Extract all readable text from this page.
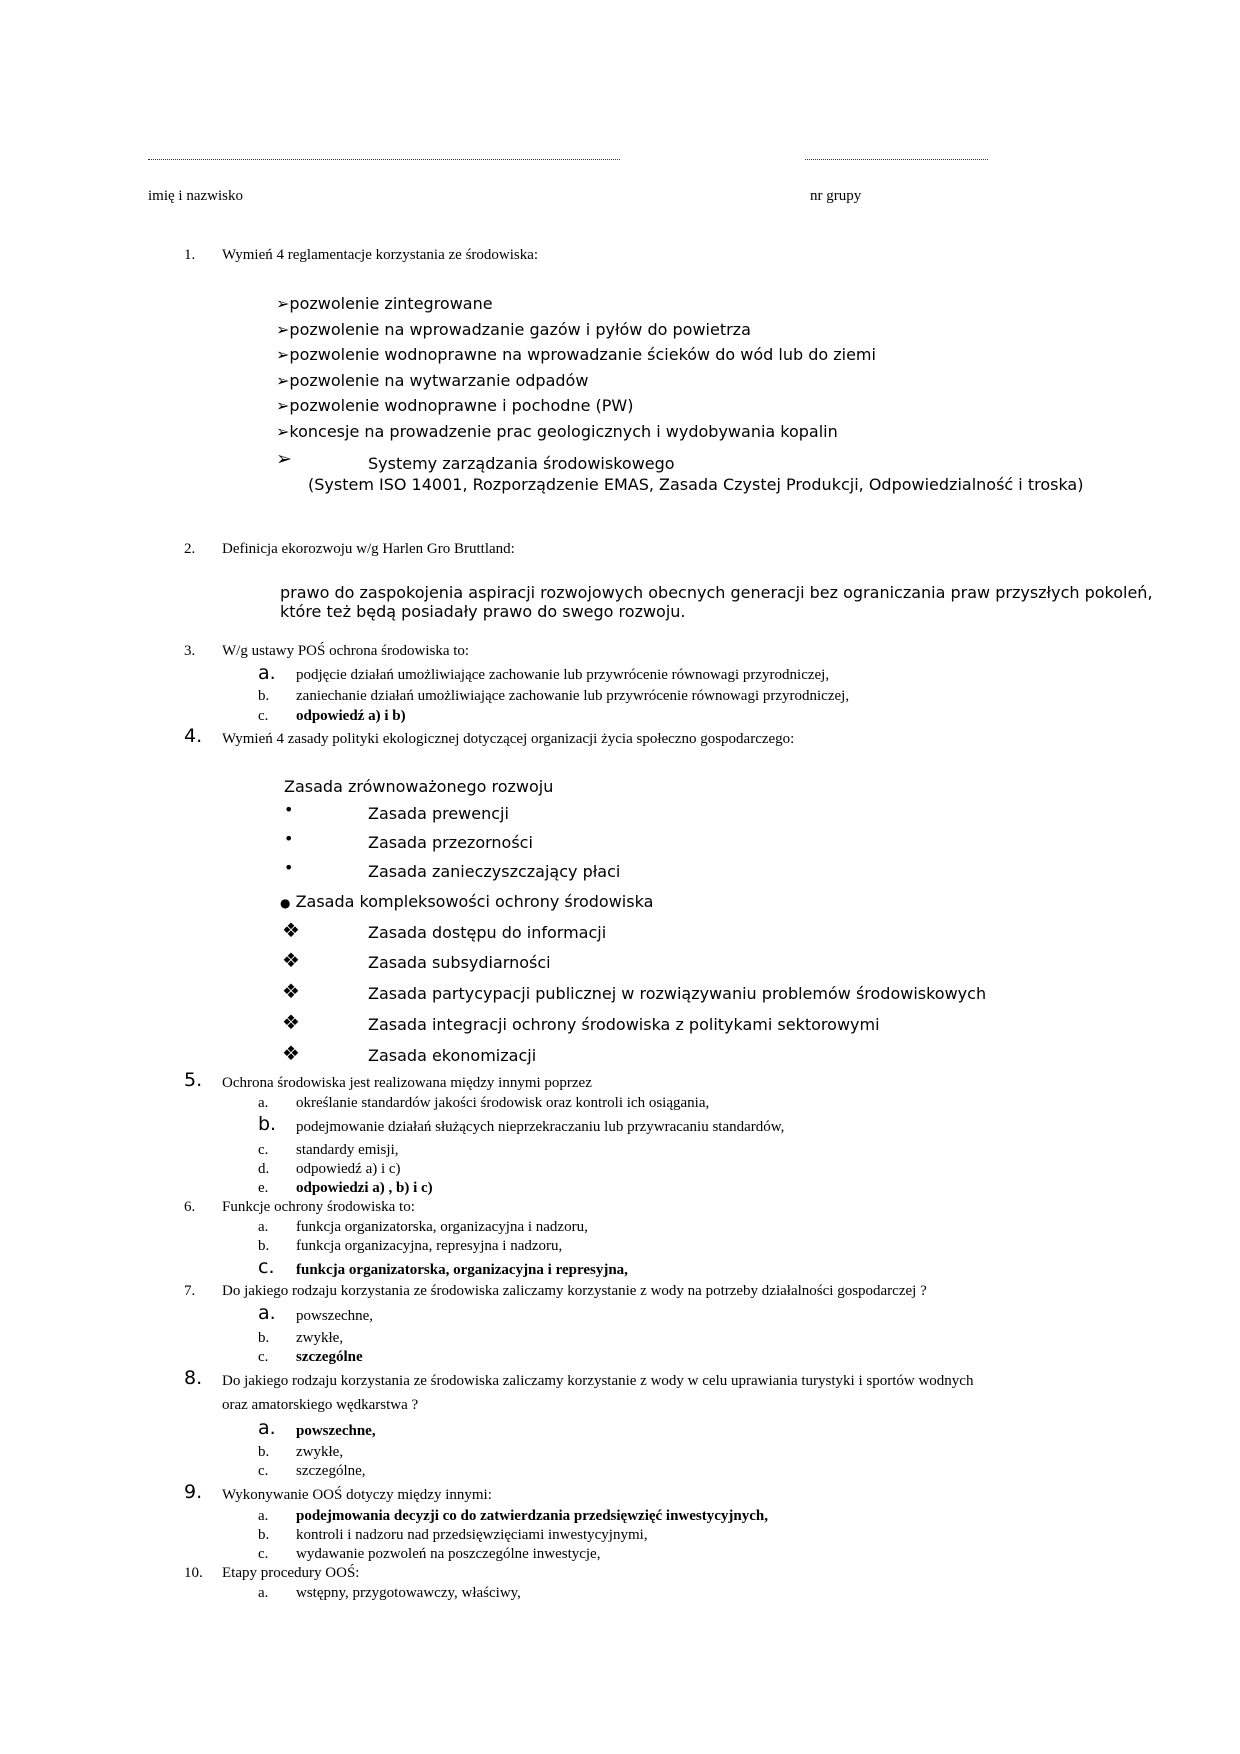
imię i nazwisko	nr grupy
1. Wymień 4 reglamentacje korzystania ze środowiska:
➢pozwolenie zintegrowane
➢pozwolenie na wprowadzanie gazów i pyłów do powietrza
➢pozwolenie wodnoprawne na wprowadzanie ścieków do wód lub do ziemi
➢pozwolenie na wytwarzanie odpadów
➢pozwolenie wodnoprawne i pochodne (PW)
➢koncesje na prowadzenie prac geologicznych i wydobywania kopalin
➢	Systemy zarządzania środowiskowego
(System ISO 14001, Rozporządzenie EMAS, Zasada Czystej Produkcji, Odpowiedzialność i troska)
2. Definicja ekorozwoju w/g Harlen Gro Bruttland:
prawo do zaspokojenia aspiracji rozwojowych obecnych generacji bez ograniczania praw przyszłych pokoleń,
które też będą posiadały prawo do swego rozwoju.
3. W/g ustawy POŚ ochrona środowiska to:
a. podjęcie działań umożliwiające zachowanie lub przywrócenie równowagi przyrodniczej,
b. zaniechanie działań umożliwiające zachowanie lub przywrócenie równowagi przyrodniczej,
c. odpowiedź a) i b)
4. Wymień 4 zasady polityki ekologicznej dotyczącej organizacji życia społeczno gospodarczego:
Zasada zrównoważonego rozwoju
•	Zasada prewencji
•	Zasada przezorności
•	Zasada zanieczyszczający płaci
● Zasada kompleksowości ochrony środowiska
❖	Zasada dostępu do informacji
❖	Zasada subsydiarności
❖	Zasada partycypacji publicznej w rozwiązywaniu problemów środowiskowych
❖	Zasada integracji ochrony środowiska z politykami sektorowymi
❖	Zasada ekonomizacji
5. Ochrona środowiska jest realizowana między innymi poprzez
a. określanie standardów jakości środowisk oraz kontroli ich osiągania,
b. podejmowanie działań służących nieprzekraczaniu lub przywracaniu standardów,
c. standardy emisji,
d. odpowiedź a) i c)
e. odpowiedzi a) , b) i c)
6. Funkcje ochrony środowiska to:
a. funkcja organizatorska, organizacyjna i nadzoru,
b. funkcja organizacyjna, represyjna i nadzoru,
c. funkcja organizatorska, organizacyjna i represyjna,
7. Do jakiego rodzaju korzystania ze środowiska zaliczamy korzystanie z wody na potrzeby działalności gospodarczej ?
a. powszechne,
b. zwykłe,
c. szczególne
8. Do jakiego rodzaju korzystania ze środowiska zaliczamy korzystanie z wody w celu uprawiania turystyki i sportów wodnych
oraz amatorskiego wędkarstwa ?
a. powszechne,
b. zwykłe,
c. szczególne,
9. Wykonywanie OOŚ dotyczy między innymi:
a. podejmowania decyzji co do zatwierdzania przedsięwzięć inwestycyjnych,
b. kontroli i nadzoru nad przedsięwzięciami inwestycyjnymi,
c. wydawanie pozwoleń na poszczególne inwestycje,
10. Etapy procedury OOŚ:
a. wstępny, przygotowawczy, właściwy,
